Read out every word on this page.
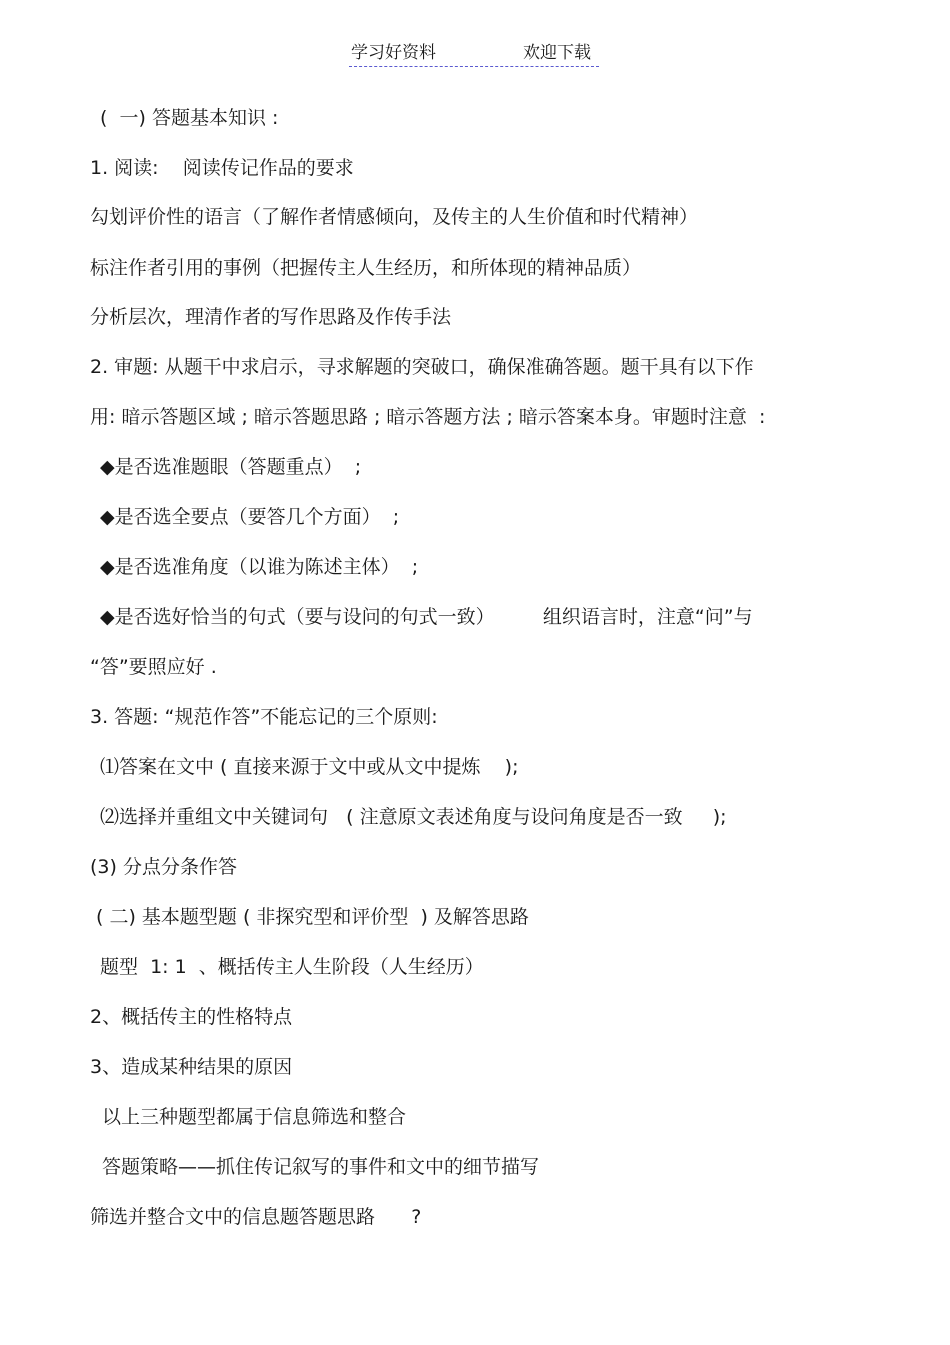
学习好资料	欢迎下载
(  一) 答题基本知识 :
1. 阅读:    阅读传记作品的要求
勾划评价性的语言（了解作者情感倾向，及传主的人生价值和时代精神）
标注作者引用的事例（把握传主人生经历，和所体现的精神品质）
分析层次，理清作者的写作思路及作传手法
2. 审题: 从题干中求启示，寻求解题的突破口，确保准确答题。题干具有以下作
用: 暗示答题区域 ; 暗示答题思路 ; 暗示答题方法 ; 暗示答案本身。审题时注意  :
◆是否选准题眼（答题重点）  ;
◆是否选全要点（要答几个方面）  ;
◆是否选准角度（以谁为陈述主体）  ;
◆是否选好恰当的句式（要与设问的句式一致）        组织语言时，注意“问”与
“答”要照应好 .
3. 答题: “规范作答”不能忘记的三个原则:
⑴答案在文中 ( 直接来源于文中或从文中提炼    );
⑵选择并重组文中关键词句   ( 注意原文表述角度与设问角度是否一致     );
(3) 分点分条作答
( 二) 基本题型题 ( 非探究型和评价型  ) 及解答思路
题型  1: 1  、概括传主人生阶段（人生经历）
2、概括传主的性格特点
3、造成某种结果的原因
以上三种题型都属于信息筛选和整合
答题策略——抓住传记叙写的事件和文中的细节描写
筛选并整合文中的信息题答题思路      ?
